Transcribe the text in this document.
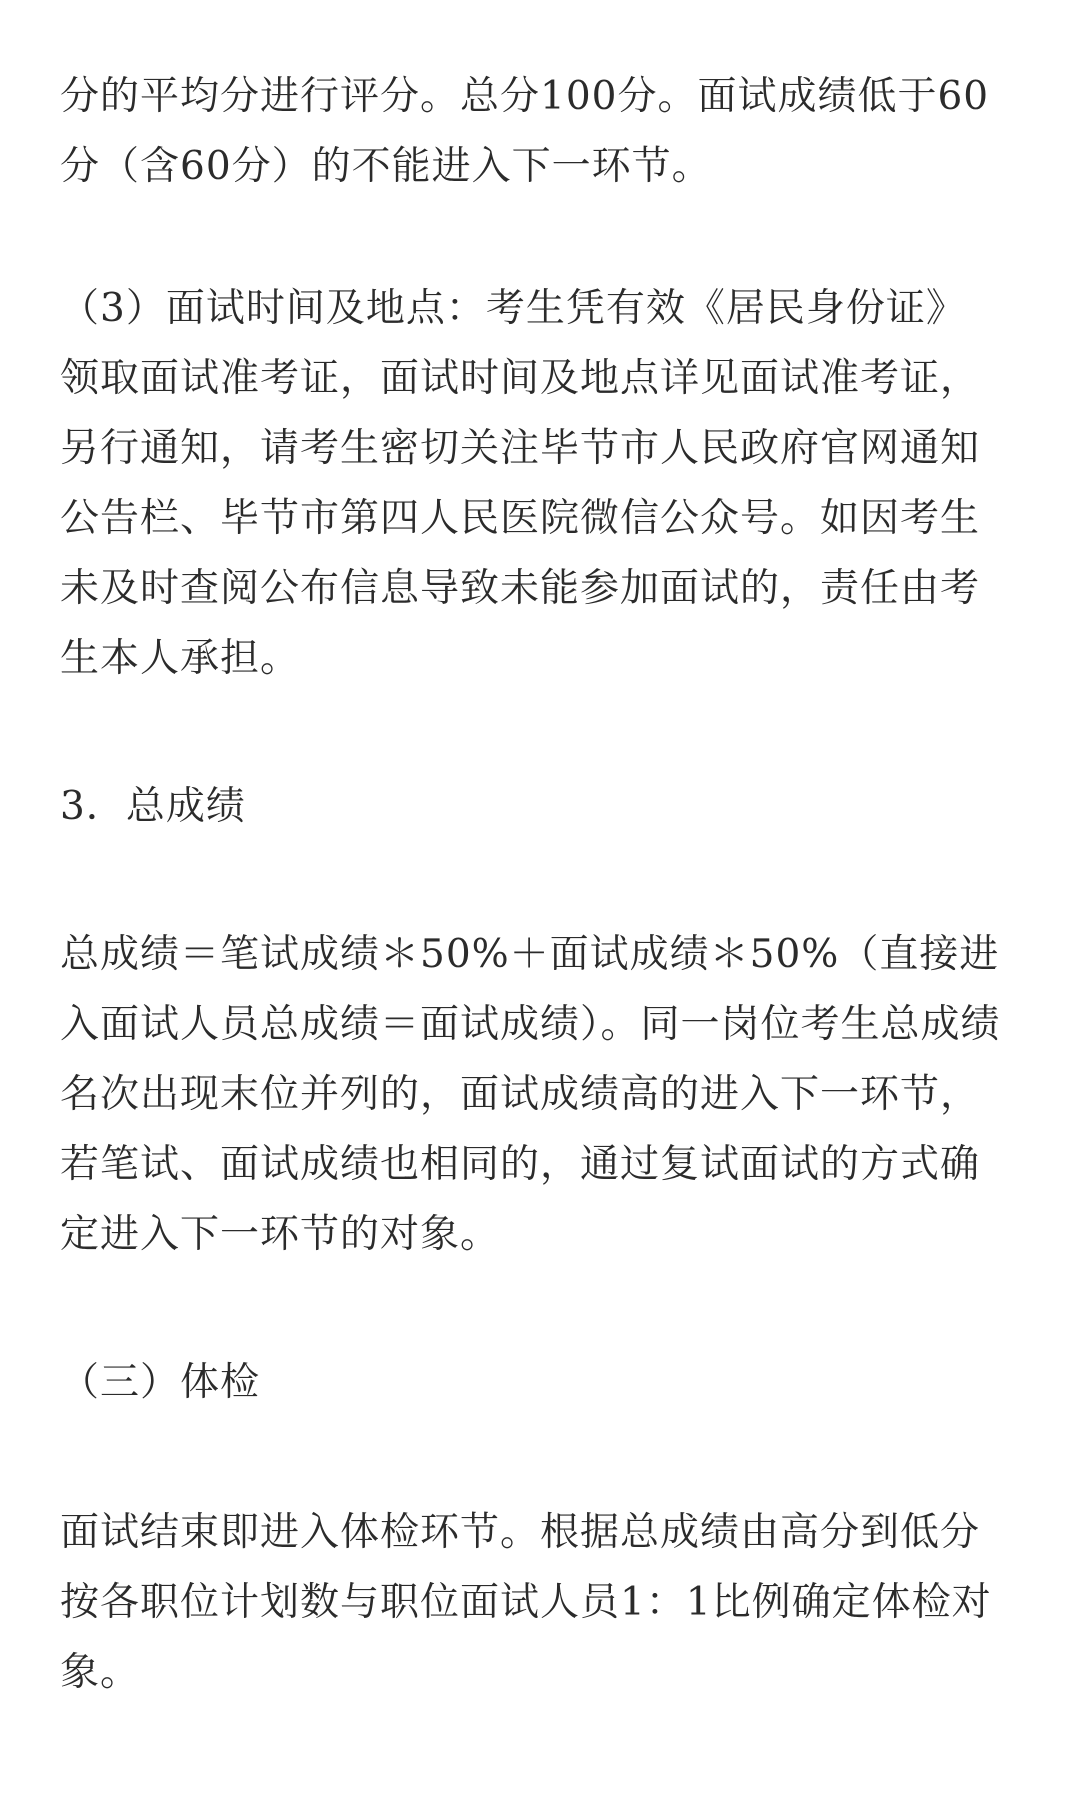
分的平均分进行评分。总分100分。面试成绩低于60
分（含60分）的不能进入下一环节。

（3）面试时间及地点：考生凭有效《居民身份证》
领取面试准考证，面试时间及地点详见面试准考证，
另行通知，请考生密切关注毕节市人民政府官网通知
公告栏、毕节市第四人民医院微信公众号。如因考生
未及时查阅公布信息导致未能参加面试的，责任由考
生本人承担。

3．总成绩

总成绩＝笔试成绩＊50%＋面试成绩＊50%（直接进
入面试人员总成绩＝面试成绩）。同一岗位考生总成绩
名次出现末位并列的，面试成绩高的进入下一环节，
若笔试、面试成绩也相同的，通过复试面试的方式确
定进入下一环节的对象。

（三）体检

面试结束即进入体检环节。根据总成绩由高分到低分
按各职位计划数与职位面试人员1：1比例确定体检对
象。
